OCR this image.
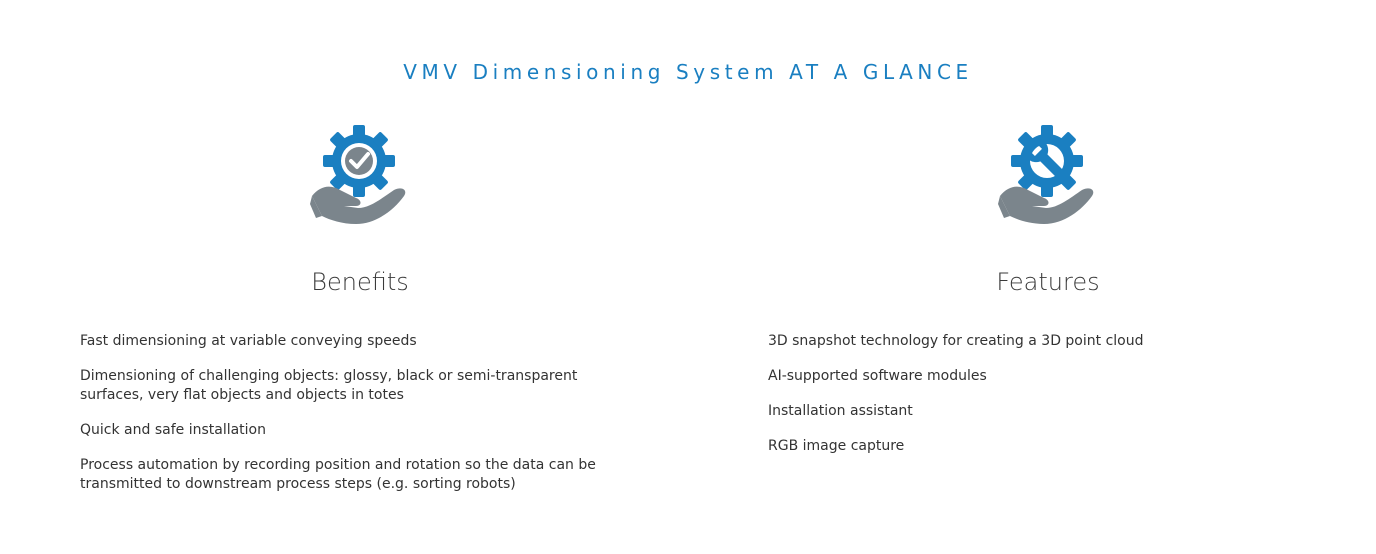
VMV Dimensioning System AT A GLANCE
Benefits
Fast dimensioning at variable conveying speeds
Dimensioning of challenging objects: glossy, black or semi-transparent surfaces, very flat objects and objects in totes
Quick and safe installation
Process automation by recording position and rotation so the data can be transmitted to downstream process steps (e.g. sorting robots)
Features
3D snapshot technology for creating a 3D point cloud
AI-supported software modules
Installation assistant
RGB image capture
